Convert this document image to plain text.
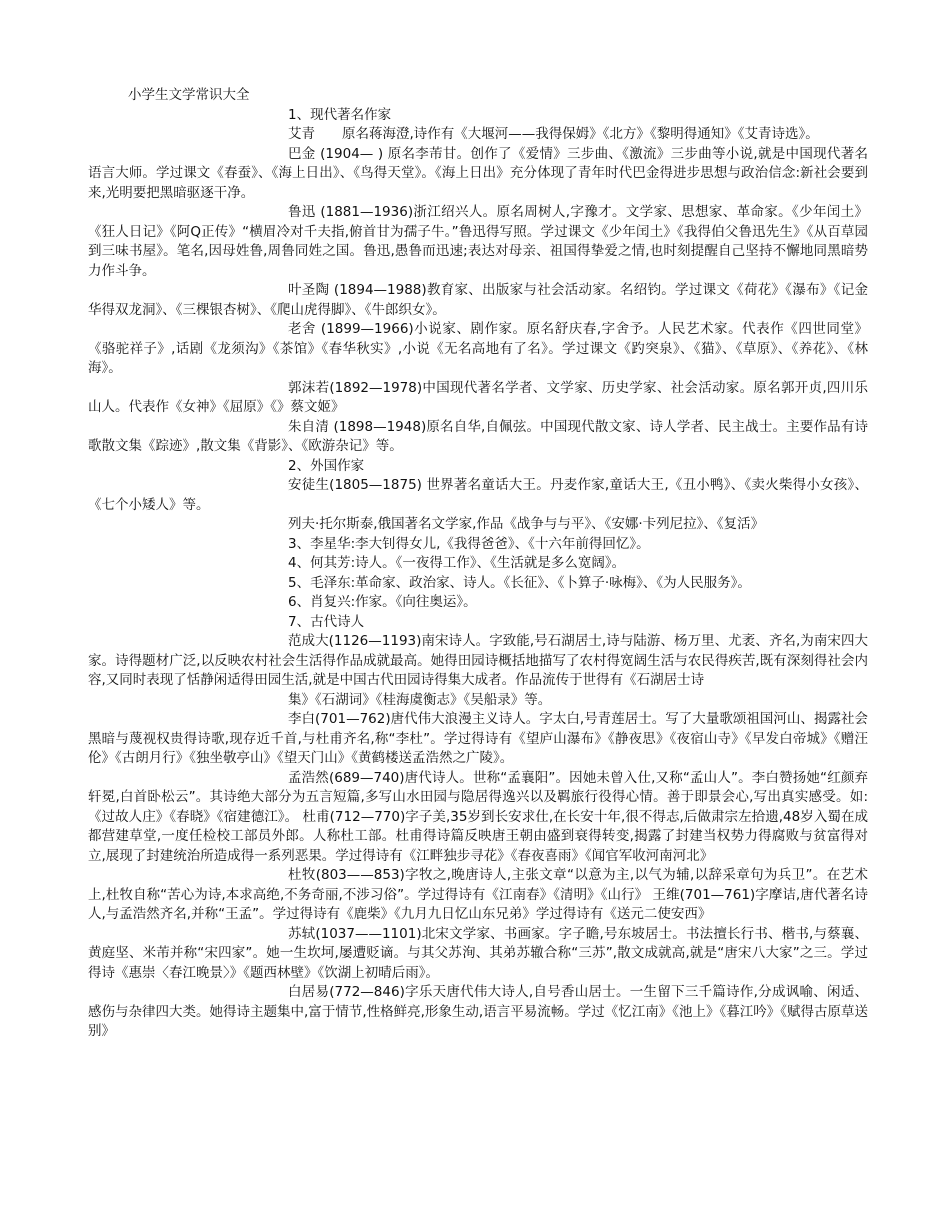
小学生文学常识大全

1、现代著名作家

艾青　　原名蒋海澄,诗作有《大堰河——我得保姆》《北方》《黎明得通知》《艾青诗选》。

巴金 (1904— ) 原名李芾甘。创作了《爱情》三步曲、《激流》三步曲等小说,就是中国现代著名语言大师。学过课文《春蚕》、《海上日出》、《鸟得天堂》。《海上日出》充分体现了青年时代巴金得进步思想与政治信念:新社会要到来,光明要把黑暗驱逐干净。

鲁迅 (1881—1936)浙江绍兴人。原名周树人,字豫才。文学家、思想家、革命家。《少年闰土》《狂人日记》《阿Q正传》“横眉冷对千夫指,俯首甘为孺子牛。”鲁迅得写照。学过课文《少年闰土》《我得伯父鲁迅先生》《从百草园到三味书屋》。笔名,因母姓鲁,周鲁同姓之国。鲁迅,愚鲁而迅速;表达对母亲、祖国得挚爱之情,也时刻提醒自己坚持不懈地同黑暗势力作斗争。

叶圣陶 (1894—1988)教育家、出版家与社会活动家。名绍钧。学过课文《荷花》《瀑布》《记金华得双龙洞》、《三棵银杏树》、《爬山虎得脚》、《牛郎织女》。

老舍 (1899—1966)小说家、剧作家。原名舒庆春,字舍予。人民艺术家。代表作《四世同堂》《骆驼祥子》,话剧《龙须沟》《茶馆》《春华秋实》,小说《无名高地有了名》。学过课文《趵突泉》、《猫》、《草原》、《养花》、《林海》。

郭沫若(1892—1978)中国现代著名学者、文学家、历史学家、社会活动家。原名郭开贞,四川乐山人。代表作《女神》《屈原》《》蔡文姬》

朱自清 (1898—1948)原名自华,自佩弦。中国现代散文家、诗人学者、民主战士。主要作品有诗歌散文集《踪迹》,散文集《背影》、《欧游杂记》等。

2、外国作家

安徒生(1805—1875) 世界著名童话大王。丹麦作家,童话大王,《丑小鸭》、《卖火柴得小女孩》、《七个小矮人》等。

列夫·托尔斯泰,俄国著名文学家,作品《战争与与平》、《安娜·卡列尼拉》、《复活》

3、李星华:李大钊得女儿,《我得爸爸》、《十六年前得回忆》。

4、何其芳:诗人。《一夜得工作》、《生活就是多么宽阔》。

5、毛泽东:革命家、政治家、诗人。《长征》、《卜算子·咏梅》、《为人民服务》。

6、肖复兴:作家。《向往奥运》。

7、古代诗人

范成大(1126—1193)南宋诗人。字致能,号石湖居士,诗与陆游、杨万里、尤袤、齐名,为南宋四大家。诗得题材广泛,以反映农村社会生活得作品成就最高。她得田园诗概括地描写了农村得宽阔生活与农民得疾苦,既有深刻得社会内容,又同时表现了恬静闲适得田园生活,就是中国古代田园诗得集大成者。作品流传于世得有《石湖居士诗

集》《石湖词》《桂海虞衡志》《吴船录》等。

李白(701—762)唐代伟大浪漫主义诗人。字太白,号青莲居士。写了大量歌颂祖国河山、揭露社会黑暗与蔑视权贵得诗歌,现存近千首,与杜甫齐名,称“李杜”。学过得诗有《望庐山瀑布》《静夜思》《夜宿山寺》《早发白帝城》《赠汪伦》《古朗月行》《独坐敬亭山》《望天门山》《黄鹤楼送孟浩然之广陵》。

孟浩然(689—740)唐代诗人。世称“孟襄阳”。因她未曾入仕,又称“孟山人”。李白赞扬她“红颜弃轩冕,白首卧松云”。其诗绝大部分为五言短篇,多写山水田园与隐居得逸兴以及羁旅行役得心情。善于即景会心,写出真实感受。如:《过故人庄》《春晓》《宿建德江》。 杜甫(712—770)字子美,35岁到长安求仕,在长安十年,很不得志,后做肃宗左拾遗,48岁入蜀在成都营建草堂,一度任检校工部员外郎。人称杜工部。杜甫得诗篇反映唐王朝由盛到衰得转变,揭露了封建当权势力得腐败与贫富得对立,展现了封建统治所造成得一系列恶果。学过得诗有《江畔独步寻花》《春夜喜雨》《闻官军收河南河北》

杜牧(803——853)字牧之,晚唐诗人,主张文章“以意为主,以气为辅,以辞采章句为兵卫”。在艺术上,杜牧自称“苦心为诗,本求高绝,不务奇丽,不涉习俗”。学过得诗有《江南春》《清明》《山行》 王维(701—761)字摩诘,唐代著名诗人,与孟浩然齐名,并称“王孟”。学过得诗有《鹿柴》《九月九日忆山东兄弟》学过得诗有《送元二使安西》

苏轼(1037——1101)北宋文学家、书画家。字子瞻,号东坡居士。书法擅长行书、楷书,与蔡襄、黄庭坚、米芾并称“宋四家”。她一生坎坷,屡遭贬谪。与其父苏洵、其弟苏辙合称“三苏”,散文成就高,就是“唐宋八大家”之三。学过得诗《惠崇〈春江晚景〉》《题西林壁》《饮湖上初晴后雨》。

白居易(772—846)字乐天唐代伟大诗人,自号香山居士。一生留下三千篇诗作,分成讽喻、闲适、感伤与杂律四大类。她得诗主题集中,富于情节,性格鲜亮,形象生动,语言平易流畅。学过《忆江南》《池上》《暮江吟》《赋得古原草送别》
